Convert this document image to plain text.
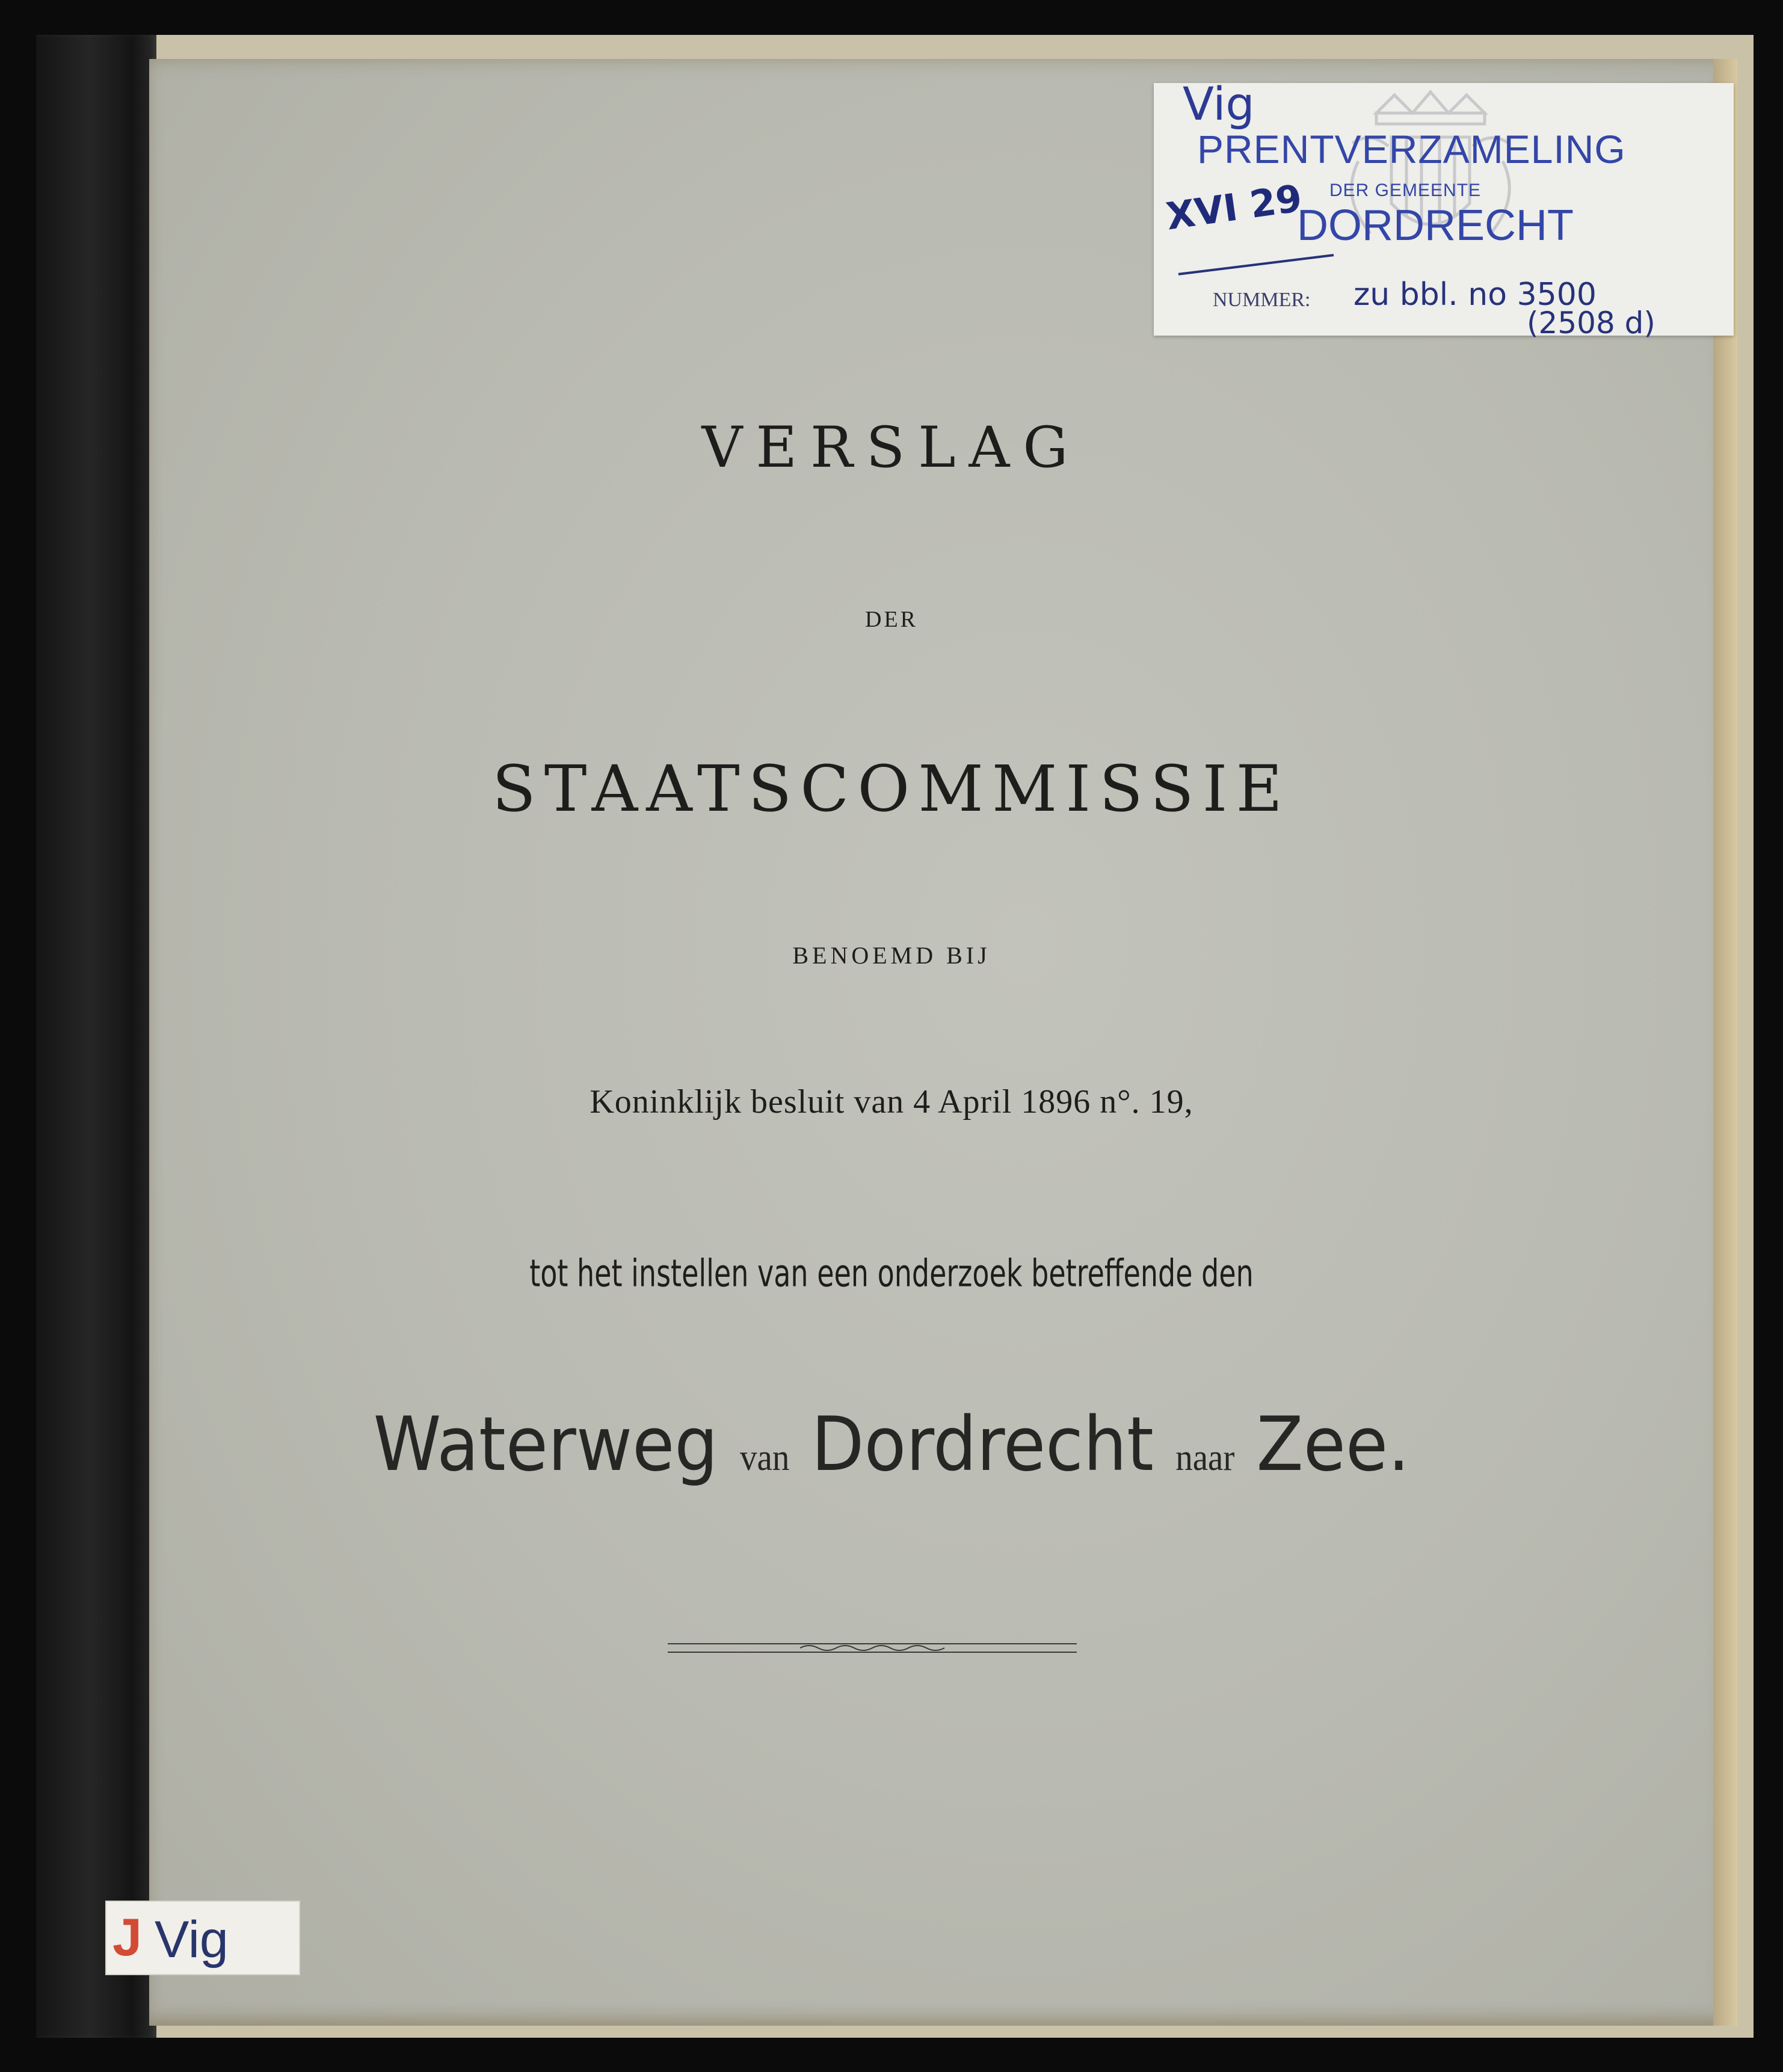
J Vig
Vig
PRENTVERZAMELING
DER GEMEENTE
DORDRECHT
XVI 29
NUMMER: zu bbl. no 3500
(2508 d)
VERSLAG
DER
STAATSCOMMISSIE
BENOEMD BIJ
Koninklijk besluit van 4 April 1896 n°. 19,
tot het instellen van een onderzoek betreffende den
Waterweg van Dordrecht naar Zee.
